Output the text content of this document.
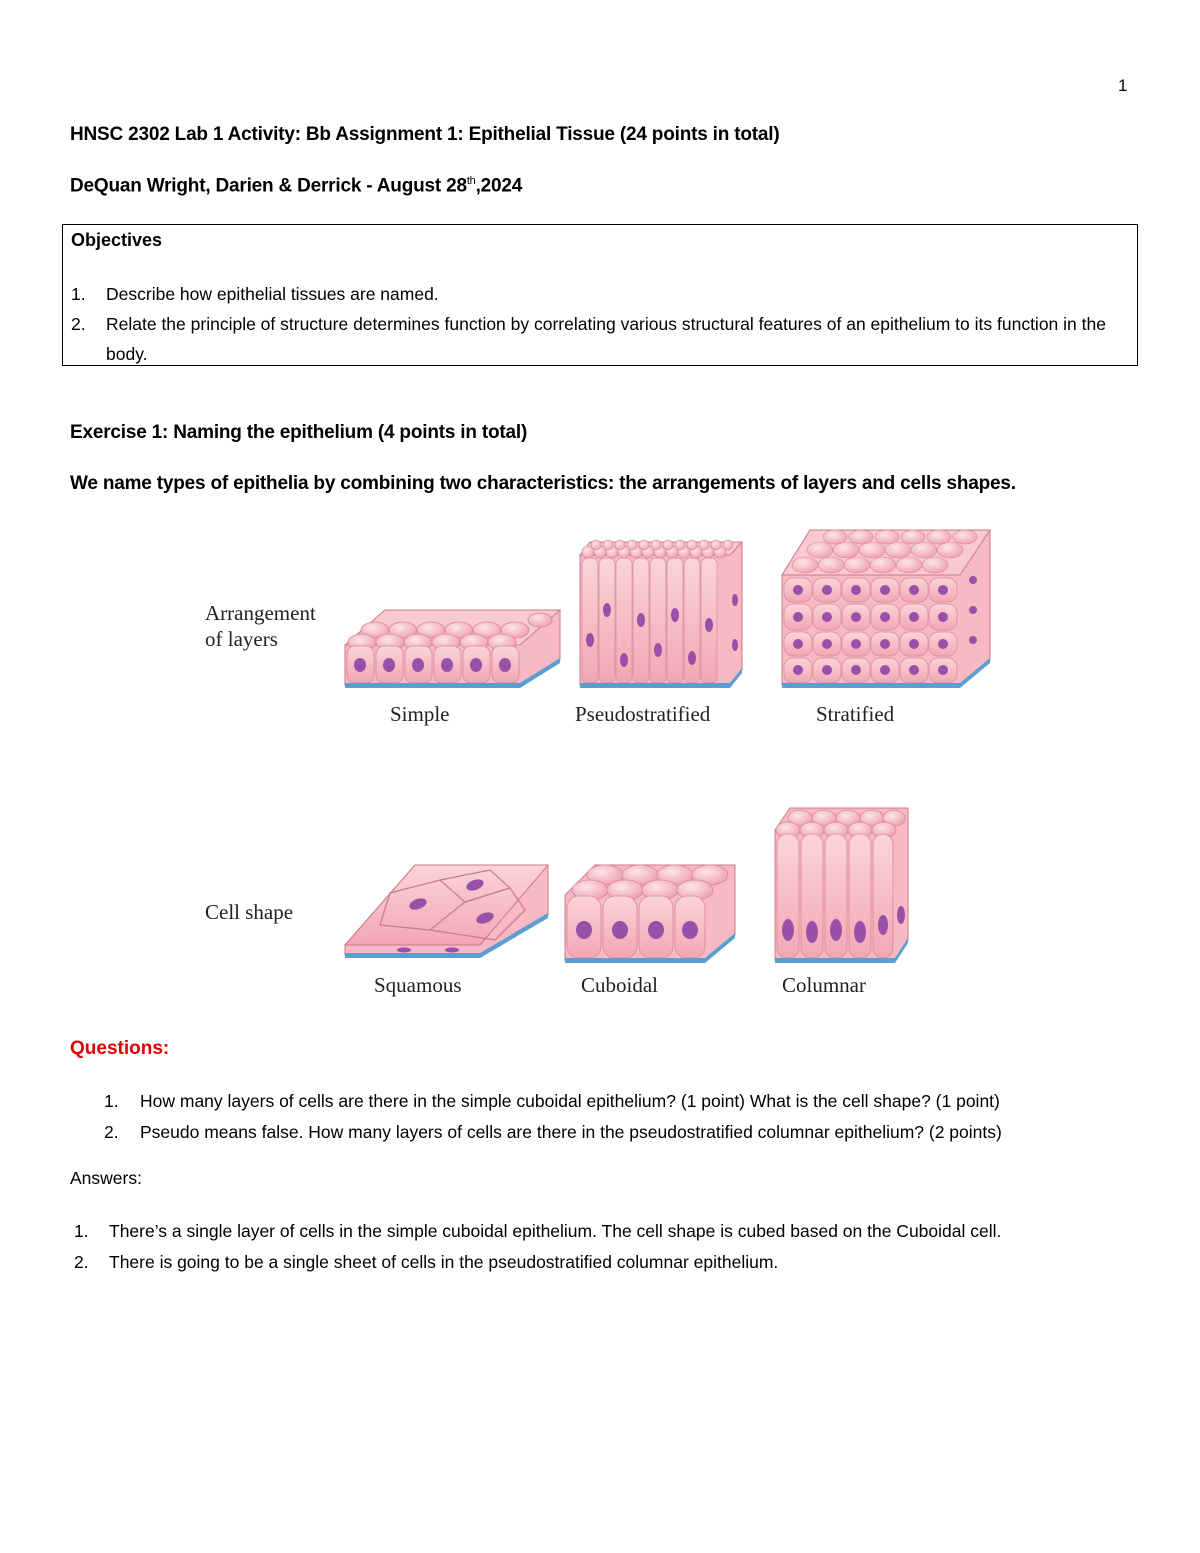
1
HNSC 2302 Lab 1 Activity: Bb Assignment 1: Epithelial Tissue (24 points in total)
DeQuan Wright, Darien & Derrick - August 28th,2024
Objectives
1. Describe how epithelial tissues are named.
2. Relate the principle of structure determines function by correlating various structural features of an epithelium to its function in the body.
Exercise 1: Naming the epithelium (4 points in total)
We name types of epithelia by combining two characteristics: the arrangements of layers and cells shapes.
Arrangement
of layers
Simple	Pseudostratified	Stratified
Cell shape
Squamous	Cuboidal	Columnar
Questions:
1. How many layers of cells are there in the simple cuboidal epithelium? (1 point) What is the cell shape? (1 point)
2. Pseudo means false. How many layers of cells are there in the pseudostratified columnar epithelium? (2 points)
Answers:
1. There’s a single layer of cells in the simple cuboidal epithelium. The cell shape is cubed based on the Cuboidal cell.
2. There is going to be a single sheet of cells in the pseudostratified columnar epithelium.
